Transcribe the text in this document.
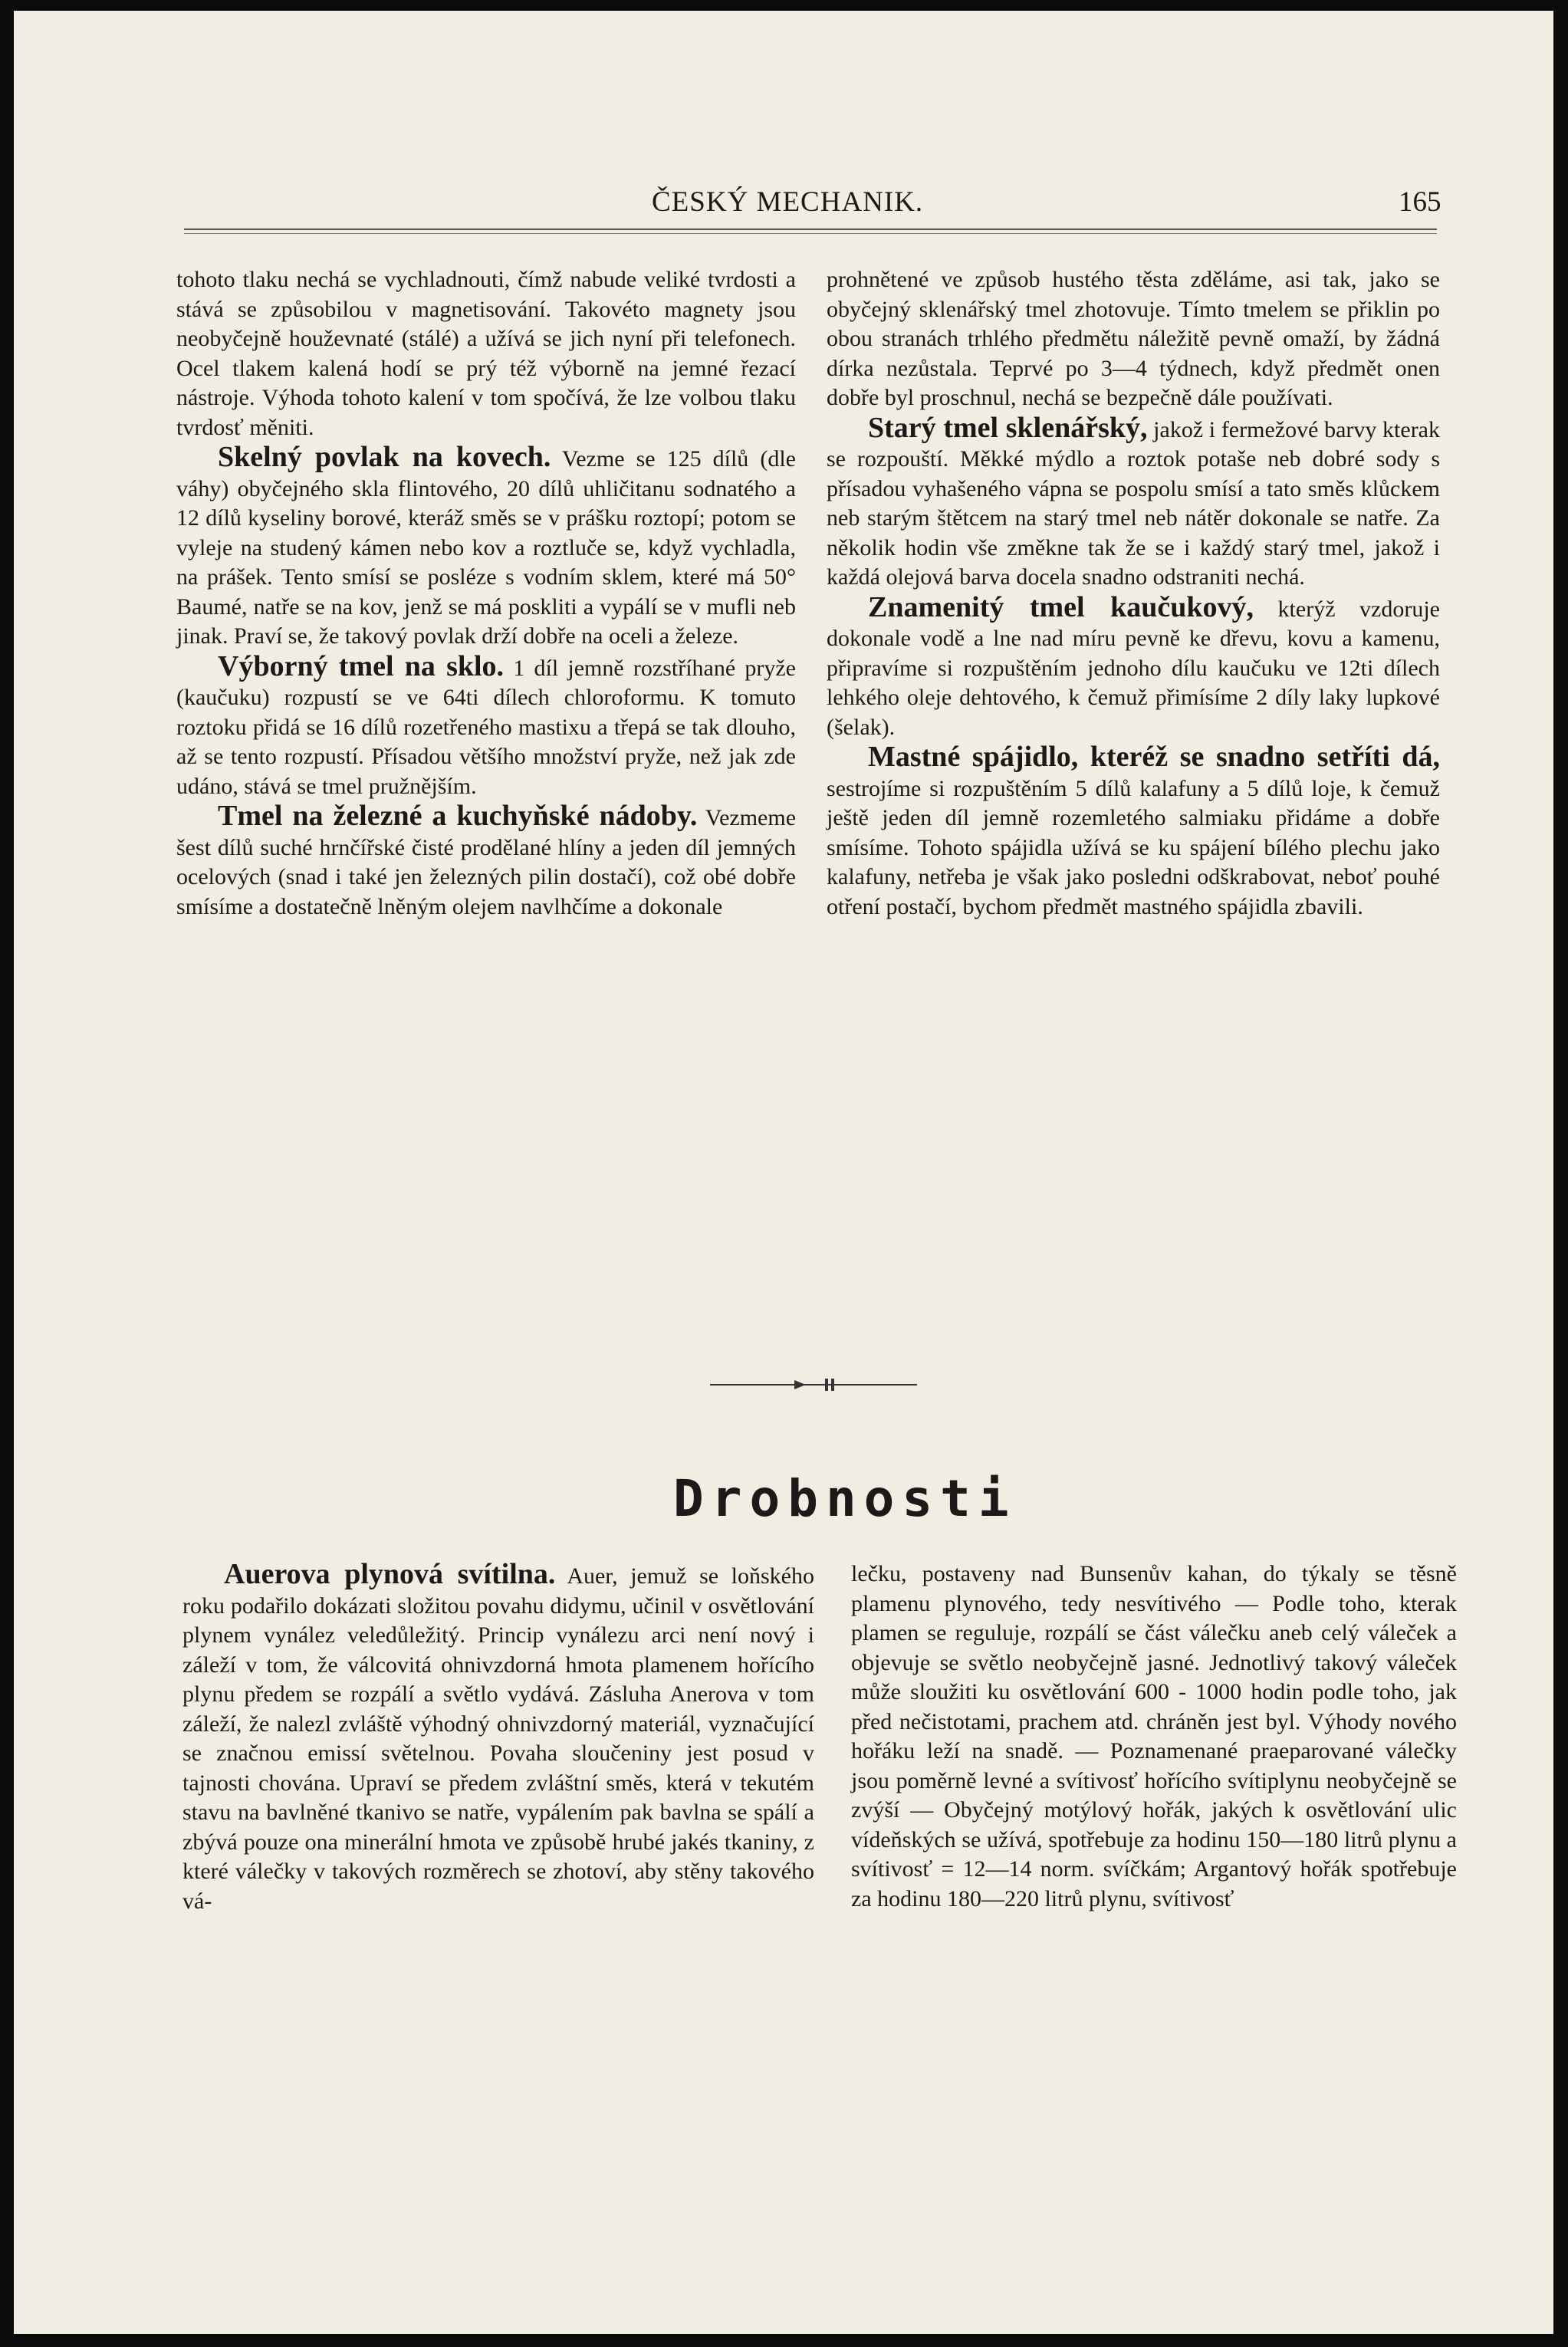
ČESKÝ MECHANIK.	165

tohoto tlaku nechá se vychladnouti, čímž nabude veliké tvrdosti a stává se způsobilou v magnetisování. Takovéto magnety jsou neobyčejně houževnaté (stálé) a užívá se jich nyní při telefonech. Ocel tlakem kalená hodí se prý též výborně na jemné řezací nástroje. Výhoda tohoto kalení v tom spočívá, že lze volbou tlaku tvrdosť měniti.

Skelný povlak na kovech. Vezme se 125 dílů (dle váhy) obyčejného skla flintového, 20 dílů uhličitanu sodnatého a 12 dílů kyseliny borové, kteráž směs se v prášku roztopí; potom se vyleje na studený kámen nebo kov a roztluče se, když vychladla, na prášek. Tento smísí se posléze s vodním sklem, které má 50° Baumé, natře se na kov, jenž se má poskliti a vypálí se v mufli neb jinak. Praví se, že takový povlak drží dobře na oceli a železe.

Výborný tmel na sklo. 1 díl jemně rozstříhané pryže (kaučuku) rozpustí se ve 64ti dílech chloroformu. K tomuto roztoku přidá se 16 dílů rozetřeného mastixu a třepá se tak dlouho, až se tento rozpustí. Přísadou většího množství pryže, než jak zde udáno, stává se tmel pružnějším.

Tmel na železné a kuchyňské nádoby. Vezmeme šest dílů suché hrnčířské čisté prodělané hlíny a jeden díl jemných ocelových (snad i také jen železných pilin dostačí), což obé dobře smísíme a dostatečně lněným olejem navlhčíme a dokonale

prohnětené ve způsob hustého těsta zděláme, asi tak, jako se obyčejný sklenářský tmel zhotovuje. Tímto tmelem se přiklin po obou stranách trhlého předmětu náležitě pevně omaží, by žádná dírka nezůstala. Teprvé po 3—4 týdnech, když předmět onen dobře byl proschnul, nechá se bezpečně dále používati.

Starý tmel sklenářský, jakož i fermežové barvy kterak se rozpouští. Měkké mýdlo a roztok potaše neb dobré sody s přísadou vyhašeného vápna se pospolu smísí a tato směs klůckem neb starým štětcem na starý tmel neb nátěr dokonale se natře. Za několik hodin vše změkne tak že se i každý starý tmel, jakož i každá olejová barva docela snadno odstraniti nechá.

Znamenitý tmel kaučukový, kterýž vzdoruje dokonale vodě a lne nad míru pevně ke dřevu, kovu a kamenu, připravíme si rozpuštěním jednoho dílu kaučuku ve 12ti dílech lehkého oleje dehtového, k čemuž přimísíme 2 díly laky lupkové (šelak).

Mastné spájidlo, kteréž se snadno setříti dá, sestrojíme si rozpuštěním 5 dílů kalafuny a 5 dílů loje, k čemuž ještě jeden díl jemně rozemletého salmiaku přidáme a dobře smísíme. Tohoto spájidla užívá se ku spájení bílého plechu jako kalafuny, netřeba je však jako posledni odškrabovat, neboť pouhé otření postačí, bychom předmět mastného spájidla zbavili.

Drobnosti

Auerova plynová svítilna. Auer, jemuž se loňského roku podařilo dokázati složitou povahu didymu, učinil v osvětlování plynem vynález veledůležitý. Princip vynálezu arci není nový i záleží v tom, že válcovitá ohnivzdorná hmota plamenem hořícího plynu předem se rozpálí a světlo vydává. Zásluha Anerova v tom záleží, že nalezl zvláště výhodný ohnivzdorný materiál, vyznačující se značnou emissí světelnou. Povaha sloučeniny jest posud v tajnosti chována. Upraví se předem zvláštní směs, která v tekutém stavu na bavlněné tkanivo se natře, vypálením pak bavlna se spálí a zbývá pouze ona minerální hmota ve způsobě hrubé jakés tkaniny, z které válečky v takových rozměrech se zhotoví, aby stěny takového vá-

lečku, postaveny nad Bunsenův kahan, do týkaly se těsně plamenu plynového, tedy nesvítivého — Podle toho, kterak plamen se reguluje, rozpálí se část válečku aneb celý váleček a objevuje se světlo neobyčejně jasné. Jednotlivý takový váleček může sloužiti ku osvětlování 600 - 1000 hodin podle toho, jak před nečistotami, prachem atd. chráněn jest byl. Výhody nového hořáku leží na snadě. — Poznamenané praeparované válečky jsou poměrně levné a svítivosť hořícího svítiplynu neobyčejně se zvýší — Obyčejný motýlový hořák, jakých k osvětlování ulic vídeňských se užívá, spotřebuje za hodinu 150—180 litrů plynu a svítivosť = 12—14 norm. svíčkám; Argantový hořák spotřebuje za hodinu 180—220 litrů plynu, svítivosť
